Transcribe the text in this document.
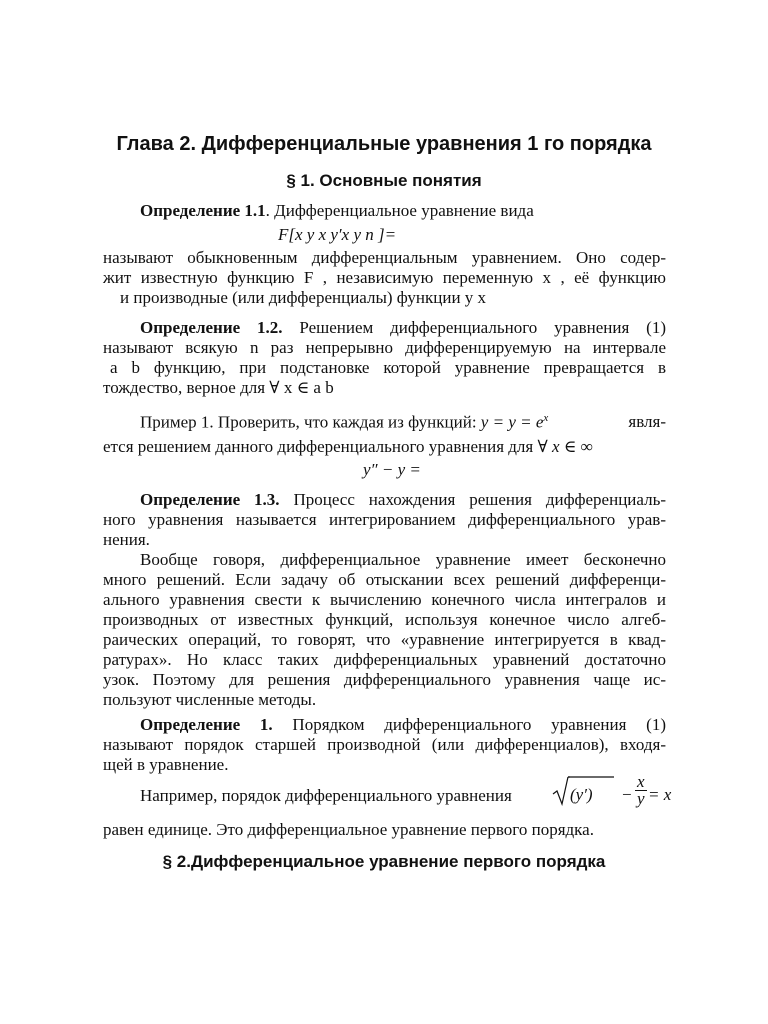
Глава 2. Дифференциальные уравнения 1 го порядка
§ 1. Основные понятия
Определение 1.1. Дифференциальное уравнение вида
F[x y x y′x y n ]=
называют обыкновенным дифференциальным уравнением. Оно содер-
жит известную функцию F , независимую переменную x , её функцию
и производные (или дифференциалы) функции y x
Определение 1.2. Решением дифференциального уравнения (1)
называют всякую n раз непрерывно дифференцируемую на интервале
a b функцию, при подстановке которой уравнение превращается в
тождество, верное для ∀ x ∈ a b
Пример 1. Проверить, что каждая из функций: $y = y = e^x$	явля-
ется решением данного дифференциального уравнения для ∀ x ∈ ∞
y″ − y =
Определение 1.3. Процесс нахождения решения дифференциаль-
ного уравнения называется интегрированием дифференциального урав-
нения.
Вообще говоря, дифференциальное уравнение имеет бесконечно
много решений. Если задачу об отыскании всех решений дифференци-
ального уравнения свести к вычислению конечного числа интегралов и
производных от известных функций, используя конечное число алгеб-
раических операций, то говорят, что «уравнение интегрируется в квад-
ратурах». Но класс таких дифференциальных уравнений достаточно
узок. Поэтому для решения дифференциального уравнения чаще ис-
пользуют численные методы.
Определение 1. Порядком дифференциального уравнения (1)
называют порядок старшей производной (или дифференциалов), входя-
щей в уравнение.
Например, порядок дифференциального уравнения	$(y') - \frac{x}{y} = x$
равен единице. Это дифференциальное уравнение первого порядка.
§ 2.Дифференциальное уравнение первого порядка
